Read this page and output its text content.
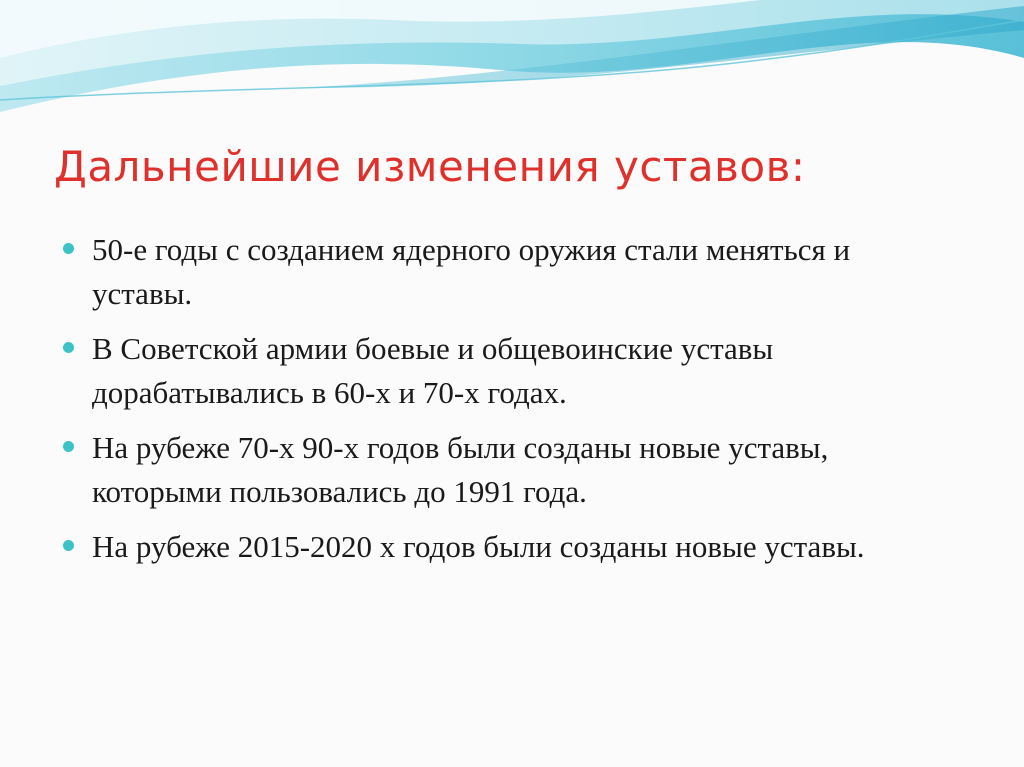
Дальнейшие изменения уставов:
50-е годы с созданием ядерного оружия стали меняться и уставы.
В Советской армии боевые и общевоинские уставы дорабатывались в 60-х и 70-х годах.
На рубеже 70-х 90-х годов были созданы новые уставы, которыми пользовались до 1991 года.
На рубеже 2015-2020 х годов были созданы новые уставы.
